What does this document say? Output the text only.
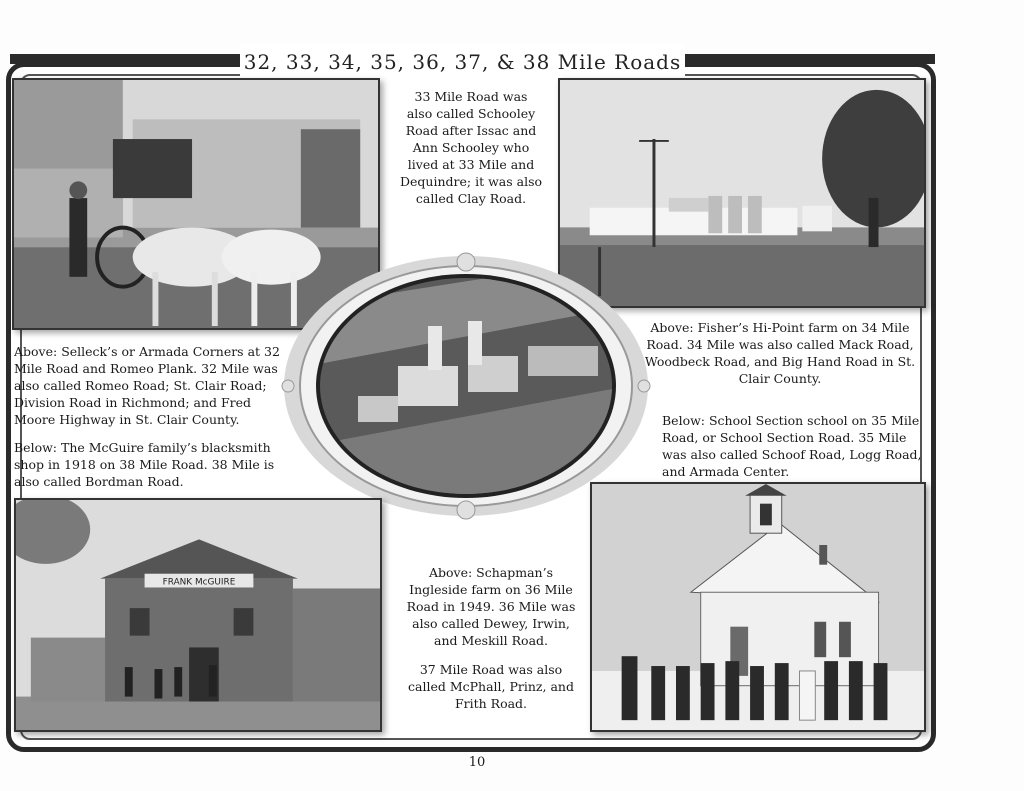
32, 33, 34, 35, 36, 37, & 38 Mile Roads
FRANK McGUIRE
33 Mile Road was also called Schooley Road after Issac and Ann Schooley who lived at 33 Mile and Dequindre; it was also called Clay Road.
Above: Selleck’s or Armada Corners at 32 Mile Road and Romeo Plank. 32 Mile was also called Romeo Road; St. Clair Road; Division Road in Richmond; and Fred Moore Highway in St. Clair County.
Below: The McGuire family’s blacksmith shop in 1918 on 38 Mile Road. 38 Mile is also called Bordman Road.
Above: Fisher’s Hi-Point farm on 34 Mile Road. 34 Mile was also called Mack Road, Woodbeck Road, and Big Hand Road in St. Clair County.
Below: School Section school on 35 Mile Road, or School Section Road. 35 Mile was also called Schoof Road, Logg Road, and Armada Center.
Above: Schapman’s Ingleside farm on 36 Mile Road in 1949. 36 Mile was also called Dewey, Irwin, and Meskill Road.
37 Mile Road was also called McPhall, Prinz, and Frith Road.
10
